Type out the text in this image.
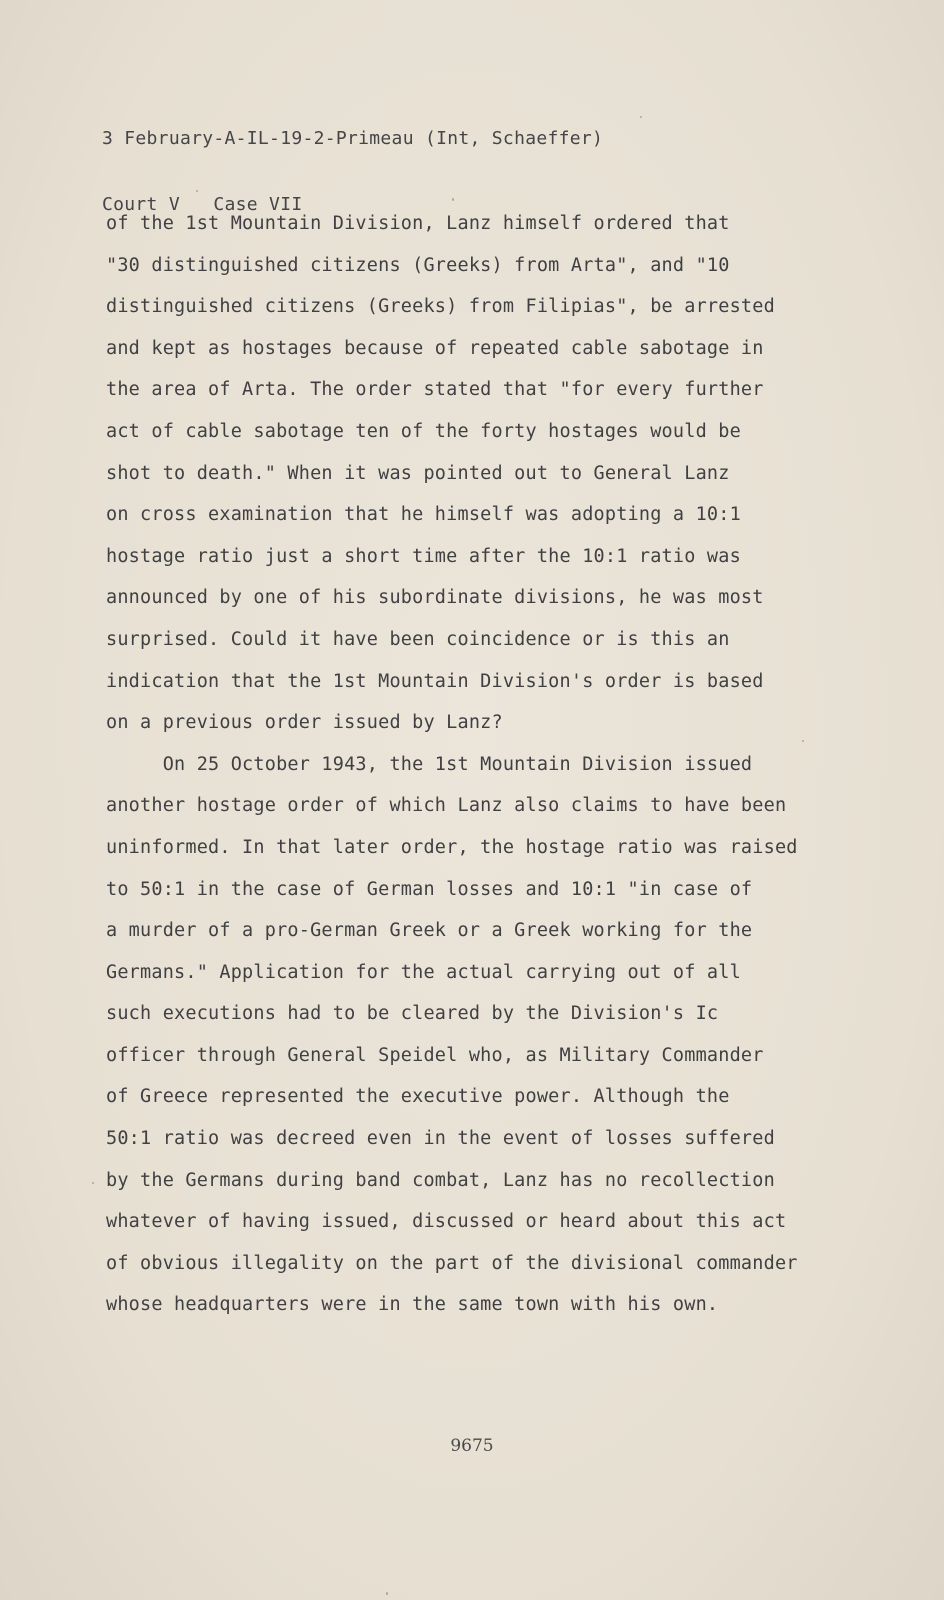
3 February-A-IL-19-2-Primeau (Int, Schaeffer)

Court V   Case VII

of the 1st Mountain Division, Lanz himself ordered that
"30 distinguished citizens (Greeks) from Arta", and "10
distinguished citizens (Greeks) from Filipias", be arrested
and kept as hostages because of repeated cable sabotage in
the area of Arta. The order stated that "for every further
act of cable sabotage ten of the forty hostages would be
shot to death." When it was pointed out to General Lanz
on cross examination that he himself was adopting a 10:1
hostage ratio just a short time after the 10:1 ratio was
announced by one of his subordinate divisions, he was most
surprised. Could it have been coincidence or is this an
indication that the 1st Mountain Division's order is based
on a previous order issued by Lanz?
On 25 October 1943, the 1st Mountain Division issued
another hostage order of which Lanz also claims to have been
uninformed. In that later order, the hostage ratio was raised
to 50:1 in the case of German losses and 10:1 "in case of
a murder of a pro-German Greek or a Greek working for the
Germans." Application for the actual carrying out of all
such executions had to be cleared by the Division's Ic
officer through General Speidel who, as Military Commander
of Greece represented the executive power. Although the
50:1 ratio was decreed even in the event of losses suffered
by the Germans during band combat, Lanz has no recollection
whatever of having issued, discussed or heard about this act
of obvious illegality on the part of the divisional commander
whose headquarters were in the same town with his own.
9675
